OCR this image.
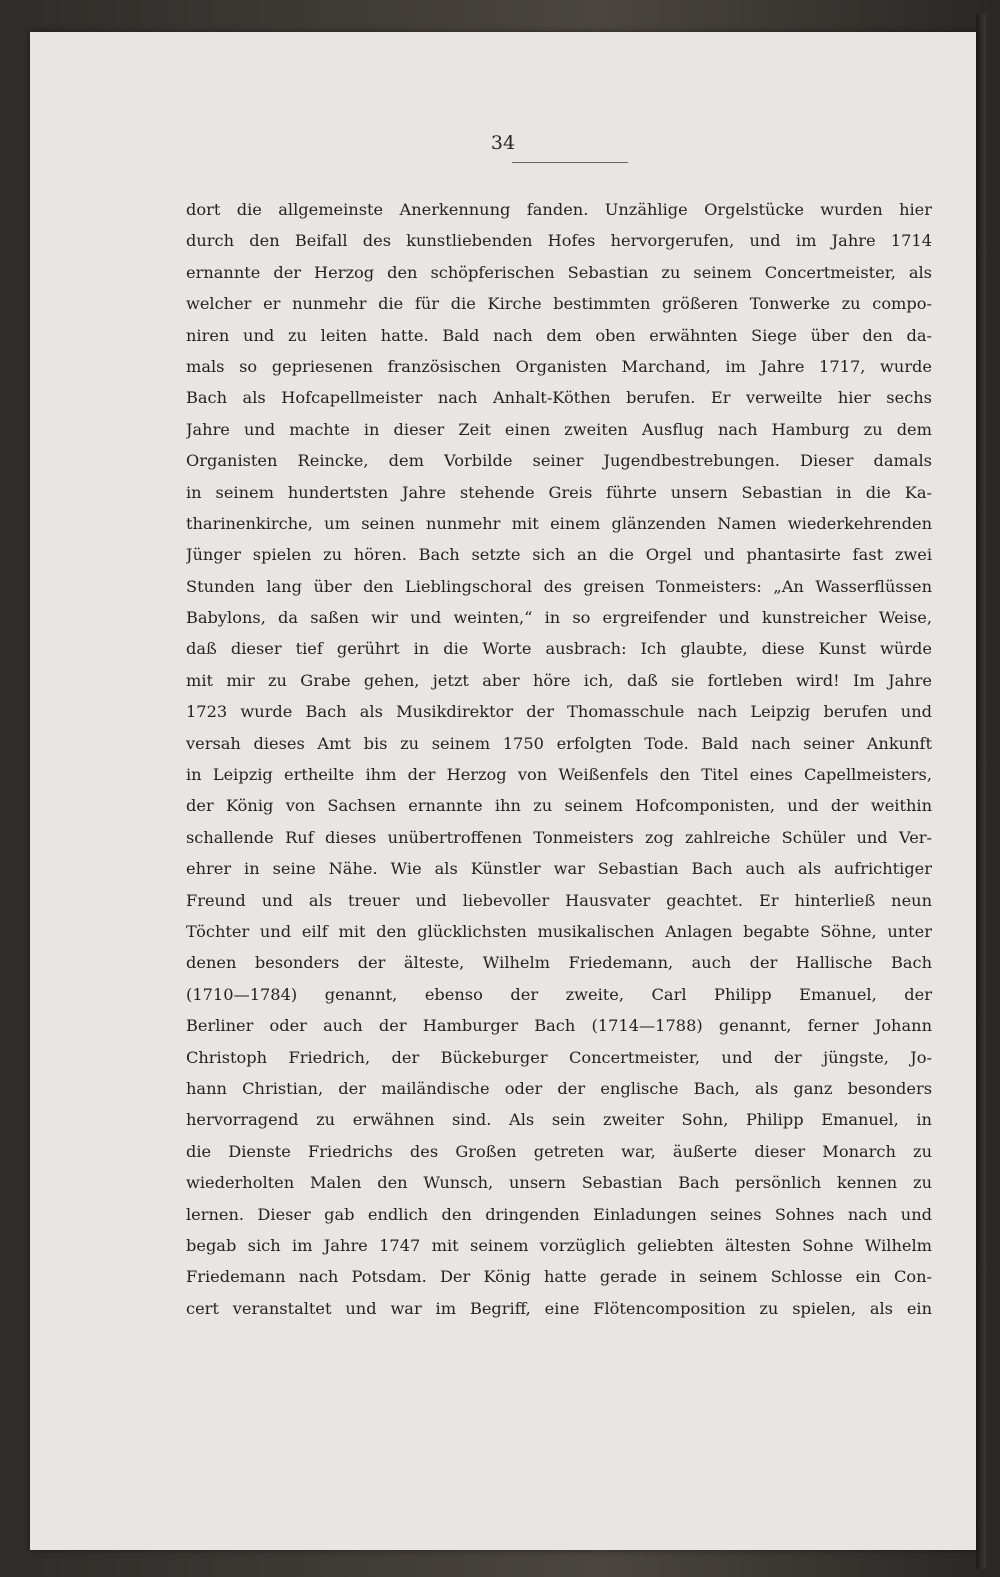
34
dort die allgemeinste Anerkennung fanden. Unzählige Orgelstücke wurden hier
durch den Beifall des kunstliebenden Hofes hervorgerufen, und im Jahre 1714
ernannte der Herzog den schöpferischen Sebastian zu seinem Concertmeister, als
welcher er nunmehr die für die Kirche bestimmten größeren Tonwerke zu compo-
niren und zu leiten hatte. Bald nach dem oben erwähnten Siege über den da-
mals so gepriesenen französischen Organisten Marchand, im Jahre 1717, wurde
Bach als Hofcapellmeister nach Anhalt-Köthen berufen. Er verweilte hier sechs
Jahre und machte in dieser Zeit einen zweiten Ausflug nach Hamburg zu dem
Organisten Reincke, dem Vorbilde seiner Jugendbestrebungen. Dieser damals
in seinem hundertsten Jahre stehende Greis führte unsern Sebastian in die Ka-
tharinenkirche, um seinen nunmehr mit einem glänzenden Namen wiederkehrenden
Jünger spielen zu hören. Bach setzte sich an die Orgel und phantasirte fast zwei
Stunden lang über den Lieblingschoral des greisen Tonmeisters: „An Wasserflüssen
Babylons, da saßen wir und weinten,“ in so ergreifender und kunstreicher Weise,
daß dieser tief gerührt in die Worte ausbrach: Ich glaubte, diese Kunst würde
mit mir zu Grabe gehen, jetzt aber höre ich, daß sie fortleben wird! Im Jahre
1723 wurde Bach als Musikdirektor der Thomasschule nach Leipzig berufen und
versah dieses Amt bis zu seinem 1750 erfolgten Tode. Bald nach seiner Ankunft
in Leipzig ertheilte ihm der Herzog von Weißenfels den Titel eines Capellmeisters,
der König von Sachsen ernannte ihn zu seinem Hofcomponisten, und der weithin
schallende Ruf dieses unübertroffenen Tonmeisters zog zahlreiche Schüler und Ver-
ehrer in seine Nähe. Wie als Künstler war Sebastian Bach auch als aufrichtiger
Freund und als treuer und liebevoller Hausvater geachtet. Er hinterließ neun
Töchter und eilf mit den glücklichsten musikalischen Anlagen begabte Söhne, unter
denen besonders der älteste, Wilhelm Friedemann, auch der Hallische Bach
(1710—1784) genannt, ebenso der zweite, Carl Philipp Emanuel, der
Berliner oder auch der Hamburger Bach (1714—1788) genannt, ferner Johann
Christoph Friedrich, der Bückeburger Concertmeister, und der jüngste, Jo-
hann Christian, der mailändische oder der englische Bach, als ganz besonders
hervorragend zu erwähnen sind. Als sein zweiter Sohn, Philipp Emanuel, in
die Dienste Friedrichs des Großen getreten war, äußerte dieser Monarch zu
wiederholten Malen den Wunsch, unsern Sebastian Bach persönlich kennen zu
lernen. Dieser gab endlich den dringenden Einladungen seines Sohnes nach und
begab sich im Jahre 1747 mit seinem vorzüglich geliebten ältesten Sohne Wilhelm
Friedemann nach Potsdam. Der König hatte gerade in seinem Schlosse ein Con-
cert veranstaltet und war im Begriff, eine Flötencomposition zu spielen, als ein
